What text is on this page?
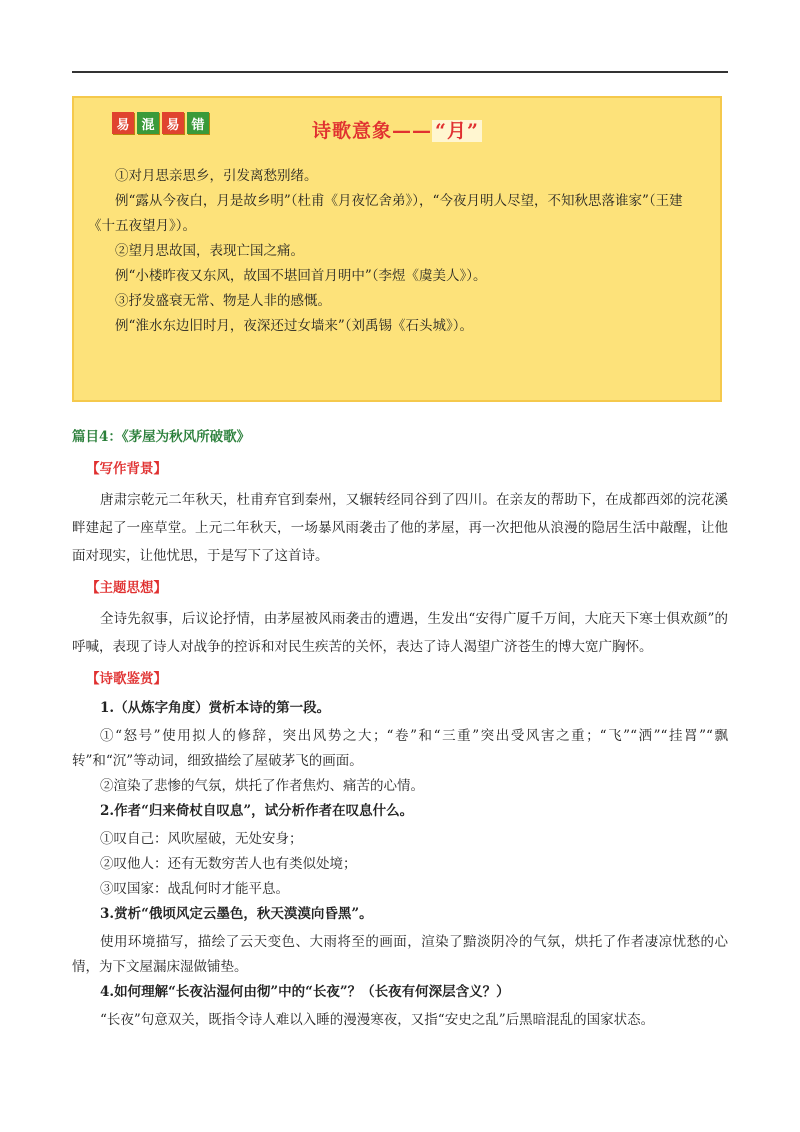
易 混 易 错	诗歌意象—— “月”

①对月思亲思乡，引发离愁别绪。

例“露从今夜白，月是故乡明”（杜甫《月夜忆舍弟》），“今夜月明人尽望，不知秋思落谁家”（王建《十五夜望月》）。

②望月思故国，表现亡国之痛。

例“小楼昨夜又东风，故国不堪回首月明中”（李煜《虞美人》）。

③抒发盛衰无常、物是人非的感慨。

例“淮水东边旧时月，夜深还过女墙来”（刘禹锡《石头城》）。

篇目4：《茅屋为秋风所破歌》
【写作背景】

唐肃宗乾元二年秋天，杜甫弃官到秦州，又辗转经同谷到了四川。在亲友的帮助下，在成都西郊的浣花溪畔建起了一座草堂。上元二年秋天，一场暴风雨袭击了他的茅屋，再一次把他从浪漫的隐居生活中敲醒，让他面对现实，让他忧思，于是写下了这首诗。

【主题思想】

全诗先叙事，后议论抒情，由茅屋被风雨袭击的遭遇，生发出“安得广厦千万间，大庇天下寒士俱欢颜”的呼喊，表现了诗人对战争的控诉和对民生疾苦的关怀，表达了诗人渴望广济苍生的博大宽广胸怀。

【诗歌鉴赏】
1.（从炼字角度）赏析本诗的第一段。

①“怒号”使用拟人的修辞，突出风势之大；“卷”和“三重”突出受风害之重；“飞”“洒”“挂罥”“飘转”和“沉”等动词，细致描绘了屋破茅飞的画面。

②渲染了悲惨的气氛，烘托了作者焦灼、痛苦的心情。

2.作者“归来倚杖自叹息”，试分析作者在叹息什么。

①叹自己：风吹屋破，无处安身；

②叹他人：还有无数穷苦人也有类似处境；

③叹国家：战乱何时才能平息。

3.赏析“俄顷风定云墨色，秋天漠漠向昏黑”。

使用环境描写，描绘了云天变色、大雨将至的画面，渲染了黯淡阴冷的气氛，烘托了作者凄凉忧愁的心情，为下文屋漏床湿做铺垫。

4.如何理解“长夜沾湿何由彻”中的“长夜”？（长夜有何深层含义？）

“长夜”句意双关，既指令诗人难以入睡的漫漫寒夜，又指“安史之乱”后黑暗混乱的国家状态。
